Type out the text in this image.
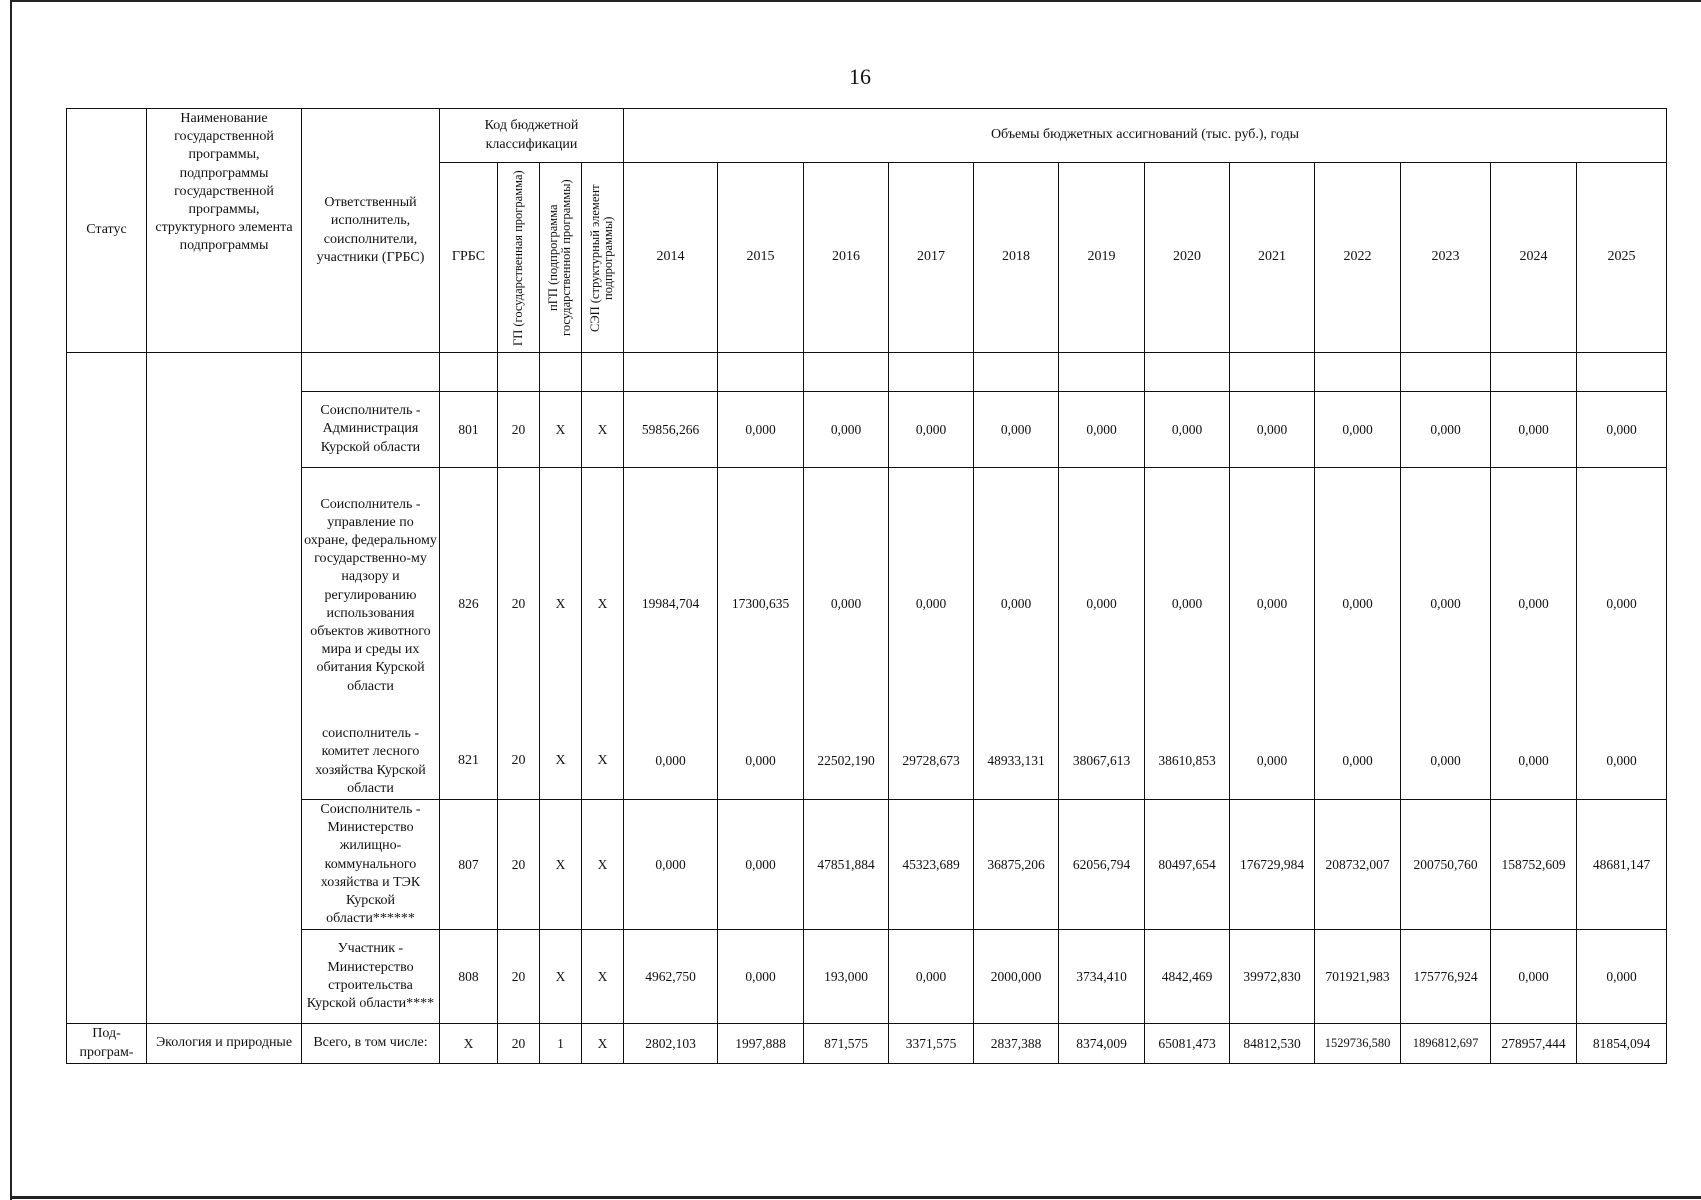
16
Статус	Наименование государственной программы, подпрограммы государственной программы, структурного элемента подпрограммы	Ответственный исполнитель, соисполнители, участники (ГРБС)	Код бюджетной классификации				Объемы бюджетных ассигнований (тыс. руб.), годы											
			ГРБС	ГП (государственная программа)	пГП (подпрограмма государственной программы)	СЭП (структурный элемент подпрограммы)	2014	2015	2016	2017	2018	2019	2020	2021	2022	2023	2024	2025

		Соисполнитель - Администрация Курской области	801	20	Х	Х	59856,266	0,000	0,000	0,000	0,000	0,000	0,000	0,000	0,000	0,000	0,000	0,000
		Соисполнитель - управление по охране, федеральному государственно-му надзору и регулированию использования объектов животного мира и среды их обитания Курской области	826	20	Х	Х	19984,704	17300,635	0,000	0,000	0,000	0,000	0,000	0,000	0,000	0,000	0,000	0,000
		соисполнитель - комитет лесного хозяйства Курской области	821	20	Х	Х	0,000	0,000	22502,190	29728,673	48933,131	38067,613	38610,853	0,000	0,000	0,000	0,000	0,000
		Соисполнитель - Министерство жилищно-коммунального хозяйства и ТЭК Курской области******	807	20	Х	Х	0,000	0,000	47851,884	45323,689	36875,206	62056,794	80497,654	176729,984	208732,007	200750,760	158752,609	48681,147
		Участник - Министерство строительства Курской области****	808	20	Х	Х	4962,750	0,000	193,000	0,000	2000,000	3734,410	4842,469	39972,830	701921,983	175776,924	0,000	0,000

Под-програм-	Экология и природные	Всего, в том числе:	Х	20	1	Х	2802,103	1997,888	871,575	3371,575	2837,388	8374,009	65081,473	84812,530	1529736,580	1896812,697	278957,444	81854,094
